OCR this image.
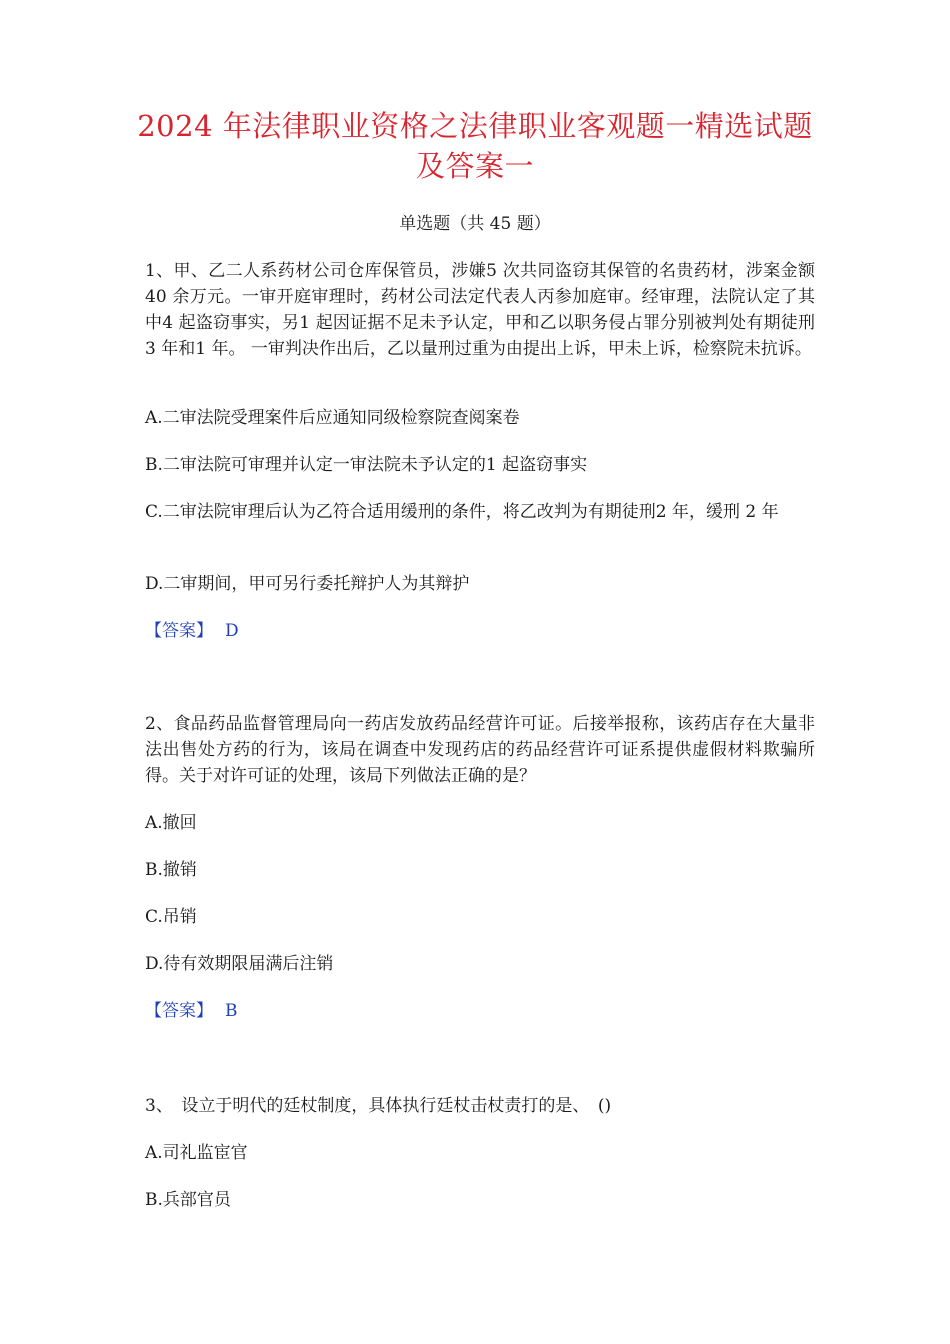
2024 年法律职业资格之法律职业客观题一精选试题
及答案一
单选题（共 45 题）

1、甲、乙二人系药材公司仓库保管员，涉嫌5 次共同盗窃其保管的名贵药材，涉案金额40 余万元。一审开庭审理时，药材公司法定代表人丙参加庭审。经审理，法院认定了其中4 起盗窃事实，另1 起因证据不足未予认定，甲和乙以职务侵占罪分别被判处有期徒刑3 年和1 年。 一审判决作出后，乙以量刑过重为由提出上诉，甲未上诉，检察院未抗诉。

A.二审法院受理案件后应通知同级检察院查阅案卷

B.二审法院可审理并认定一审法院未予认定的1 起盗窃事实

C.二审法院审理后认为乙符合适用缓刑的条件，将乙改判为有期徒刑2 年，缓刑 2 年

D.二审期间，甲可另行委托辩护人为其辩护

【答案】 D

2、食品药品监督管理局向一药店发放药品经营许可证。后接举报称，该药店存在大量非法出售处方药的行为，该局在调查中发现药店的药品经营许可证系提供虚假材料欺骗所得。关于对许可证的处理，该局下列做法正确的是？

A.撤回

B.撤销

C.吊销

D.待有效期限届满后注销

【答案】 B

3、　设立于明代的廷杖制度，具体执行廷杖击杖责打的是、　()

A.司礼监宦官

B.兵部官员
